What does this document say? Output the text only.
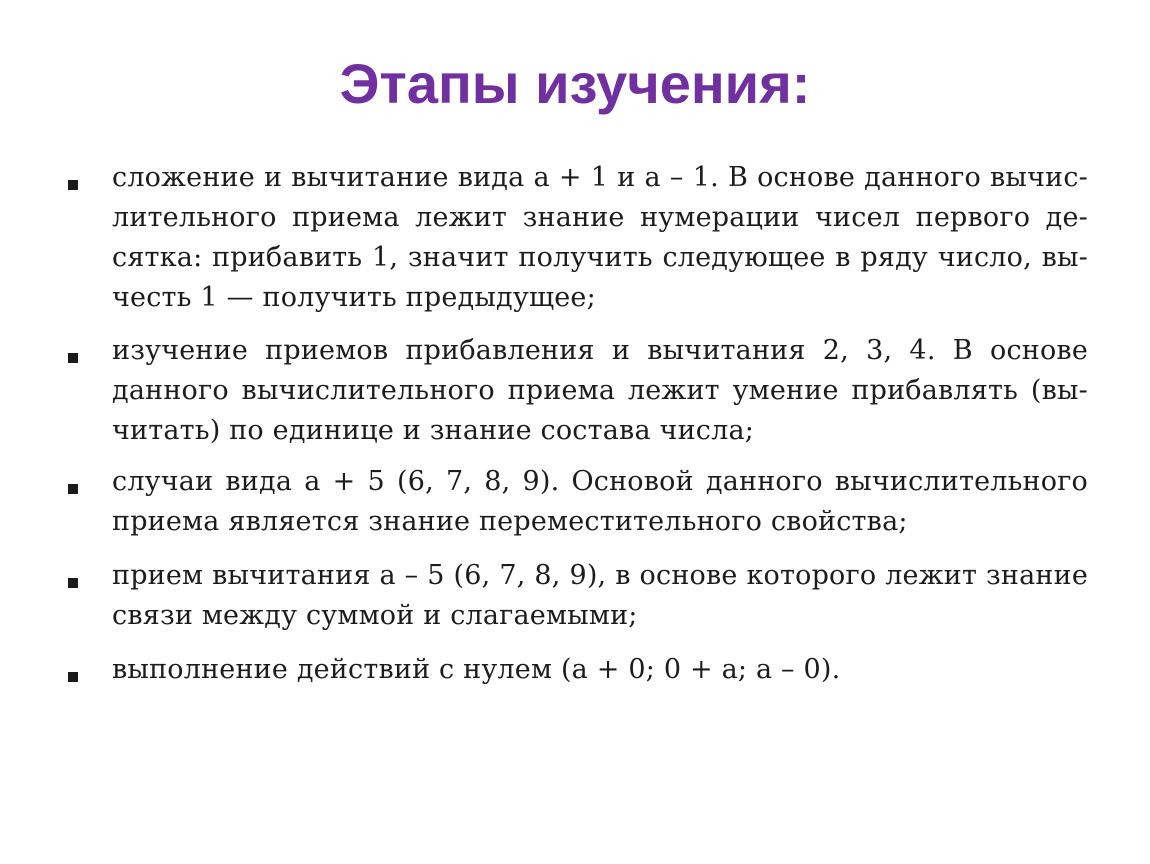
Этапы изучения:
сложение и вычитание вида a + 1 и a – 1. В основе данного вычис-
лительного приема лежит знание нумерации чисел первого де-
сятка: прибавить 1, значит получить следующее в ряду число, вы-
честь 1 — получить предыдущее;
изучение приемов прибавления и вычитания 2, 3, 4. В основе
данного вычислительного приема лежит умение прибавлять (вы-
читать) по единице и знание состава числа;
случаи вида a + 5 (6, 7, 8, 9). Основой данного вычислительного
приема является знание переместительного свойства;
прием вычитания a – 5 (6, 7, 8, 9), в основе которого лежит знание
связи между суммой и слагаемыми;
выполнение действий с нулем (a + 0; 0 + a; a – 0).
